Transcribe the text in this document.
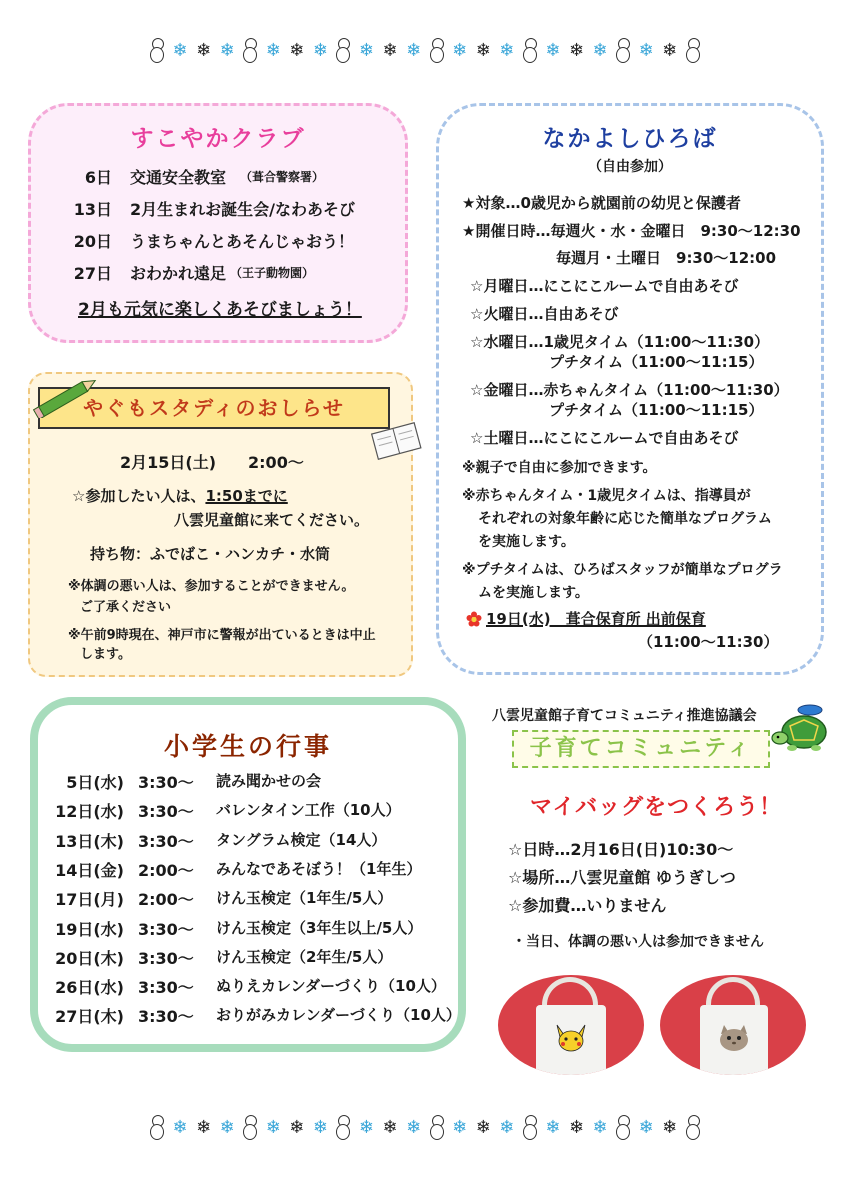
❄ ❄ ❄ ❄ ❄ ❄ ❄ ❄ ❄ ❄ ❄ ❄ ❄ ❄ ❄ ❄ ❄
❄ ❄ ❄ ❄ ❄ ❄ ❄ ❄ ❄ ❄ ❄ ❄ ❄ ❄ ❄ ❄ ❄
すこやかクラブ
6日 交通安全教室 （葺合警察署）
13日 2月生まれお誕生会/なわあそび
20日 うまちゃんとあそんじゃおう！
27日 おわかれ遠足 （王子動物園）
2月も元気に楽しくあそびましょう！
なかよしひろば
（自由参加）
★対象…0歳児から就園前の幼児と保護者
★開催日時…毎週火・水・金曜日　9:30～12:30
毎週月・土曜日　9:30～12:00
☆月曜日…にこにこルームで自由あそび
☆火曜日…自由あそび
☆水曜日…1歳児タイム（11:00～11:30）
プチタイム（11:00～11:15）
☆金曜日…赤ちゃんタイム（11:00～11:30）
プチタイム（11:00～11:15）
☆土曜日…にこにこルームで自由あそび
※親子で自由に参加できます。
※赤ちゃんタイム・1歳児タイムは、指導員が
それぞれの対象年齢に応じた簡単なプログラム
を実施します。
※プチタイムは、ひろばスタッフが簡単なプログラ
ムを実施します。
19日(水)　葺合保育所 出前保育
（11:00～11:30）
やぐもスタディのおしらせ
2月15日(土)　　2:00～
☆参加したい人は、1:50までに
八雲児童館に来てください。
持ち物：ふでばこ・ハンカチ・水筒
※体調の悪い人は、参加することができません。
ご了承ください
※午前9時現在、神戸市に警報が出ているときは中止
します。
小学生の行事
5日(水) 3:30～	読み聞かせの会
12日(水) 3:30～	バレンタイン工作（10人）
13日(木) 3:30～	タングラム検定（14人）
14日(金) 2:00～	みんなであそぼう！（1年生）
17日(月) 2:00～	けん玉検定（1年生/5人）
19日(水) 3:30～	けん玉検定（3年生以上/5人）
20日(木) 3:30～	けん玉検定（2年生/5人）
26日(水) 3:30～	ぬりえカレンダーづくり（10人）
27日(木) 3:30～	おりがみカレンダーづくり（10人）
八雲児童館子育てコミュニティ推進協議会
子育てコミュニティ
マイバッグをつくろう！
☆日時…2月16日(日)10:30～
☆場所…八雲児童館 ゆうぎしつ
☆参加費…いりません
・当日、体調の悪い人は参加できません
